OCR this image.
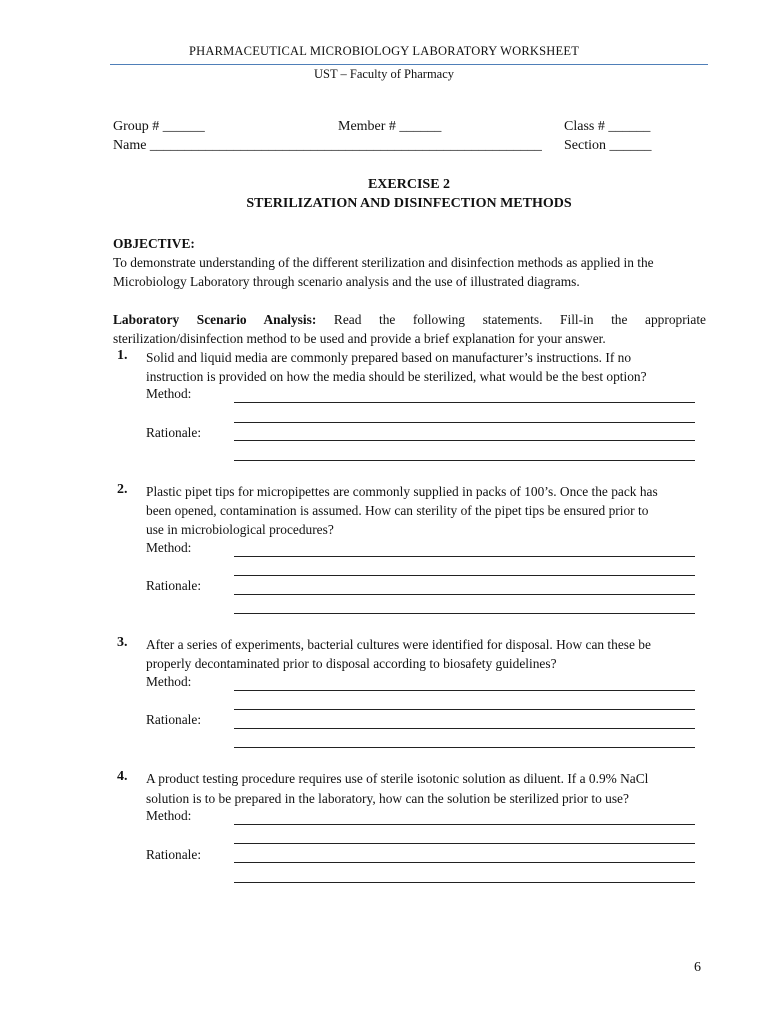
PHARMACEUTICAL MICROBIOLOGY LABORATORY WORKSHEET
UST – Faculty of Pharmacy
Group # ______	Member # ______	Class # ______
Name ________________________________________________________ Section ______
EXERCISE 2
STERILIZATION AND DISINFECTION METHODS
OBJECTIVE:
To demonstrate understanding of the different sterilization and disinfection methods as applied in the
Microbiology Laboratory through scenario analysis and the use of illustrated diagrams.
Laboratory Scenario Analysis: Read the following statements. Fill-in the appropriate
sterilization/disinfection method to be used and provide a brief explanation for your answer.
1. Solid and liquid media are commonly prepared based on manufacturer’s instructions. If no
instruction is provided on how the media should be sterilized, what would be the best option?
Method:
Rationale:
2. Plastic pipet tips for micropipettes are commonly supplied in packs of 100’s. Once the pack has
been opened, contamination is assumed. How can sterility of the pipet tips be ensured prior to
use in microbiological procedures?
Method:
Rationale:
3. After a series of experiments, bacterial cultures were identified for disposal. How can these be
properly decontaminated prior to disposal according to biosafety guidelines?
Method:
Rationale:
4. A product testing procedure requires use of sterile isotonic solution as diluent. If a 0.9% NaCl
solution is to be prepared in the laboratory, how can the solution be sterilized prior to use?
Method:
Rationale:
6
